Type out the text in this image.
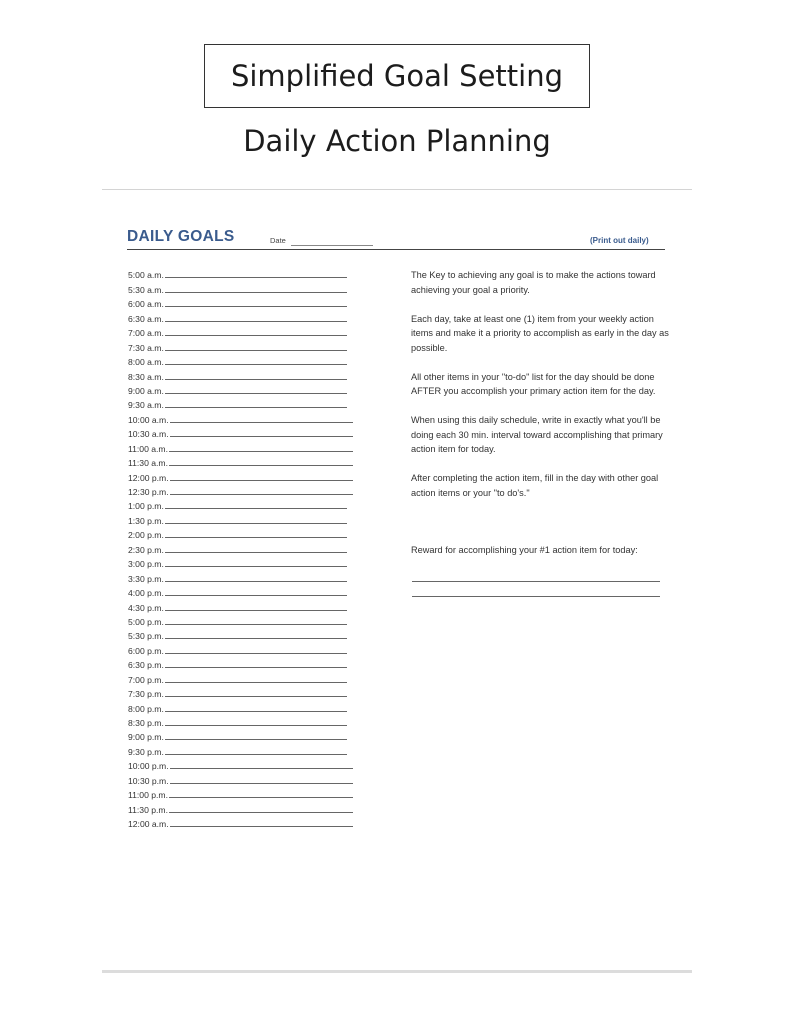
Simplified Goal Setting
Daily Action Planning
DAILY GOALS	Date	(Print out daily)
5:00 a.m.
5:30 a.m.
6:00 a.m.
6:30 a.m.
7:00 a.m.
7:30 a.m.
8:00 a.m.
8:30 a.m.
9:00 a.m.
9:30 a.m.
10:00 a.m.
10:30 a.m.
11:00 a.m.
11:30 a.m.
12:00 p.m.
12:30 p.m.
1:00 p.m.
1:30 p.m.
2:00 p.m.
2:30 p.m.
3:00 p.m.
3:30 p.m.
4:00 p.m.
4:30 p.m.
5:00 p.m.
5:30 p.m.
6:00 p.m.
6:30 p.m.
7:00 p.m.
7:30 p.m.
8:00 p.m.
8:30 p.m.
9:00 p.m.
9:30 p.m.
10:00 p.m.
10:30 p.m.
11:00 p.m.
11:30 p.m.
12:00 a.m.

The Key to achieving any goal is to make the actions toward achieving your goal a priority.

Each day, take at least one (1) item from your weekly action items and make it a priority to accomplish as early in the day as possible.

All other items in your "to-do" list for the day should be done AFTER you accomplish your primary action item for the day.

When using this daily schedule, write in exactly what you'll be doing each 30 min. interval toward accomplishing that primary action item for today.

After completing the action item, fill in the day with other goal action items or your "to do's."

Reward for accomplishing your #1 action item for today:
